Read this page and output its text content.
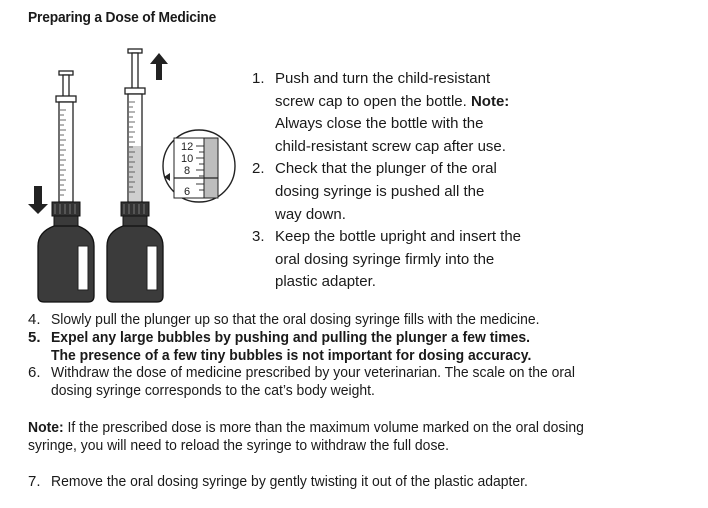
Preparing a Dose of Medicine
12
10
8
6
1. Push and turn the child-resistant
screw cap to open the bottle. Note:
Always close the bottle with the
child-resistant screw cap after use.
2. Check that the plunger of the oral
dosing syringe is pushed all the
way down.
3. Keep the bottle upright and insert the
oral dosing syringe firmly into the
plastic adapter.
4. Slowly pull the plunger up so that the oral dosing syringe fills with the medicine.
5. Expel any large bubbles by pushing and pulling the plunger a few times.
The presence of a few tiny bubbles is not important for dosing accuracy.
6. Withdraw the dose of medicine prescribed by your veterinarian. The scale on the oral
dosing syringe corresponds to the cat’s body weight.
Note: If the prescribed dose is more than the maximum volume marked on the oral dosing
syringe, you will need to reload the syringe to withdraw the full dose.
7. Remove the oral dosing syringe by gently twisting it out of the plastic adapter.
